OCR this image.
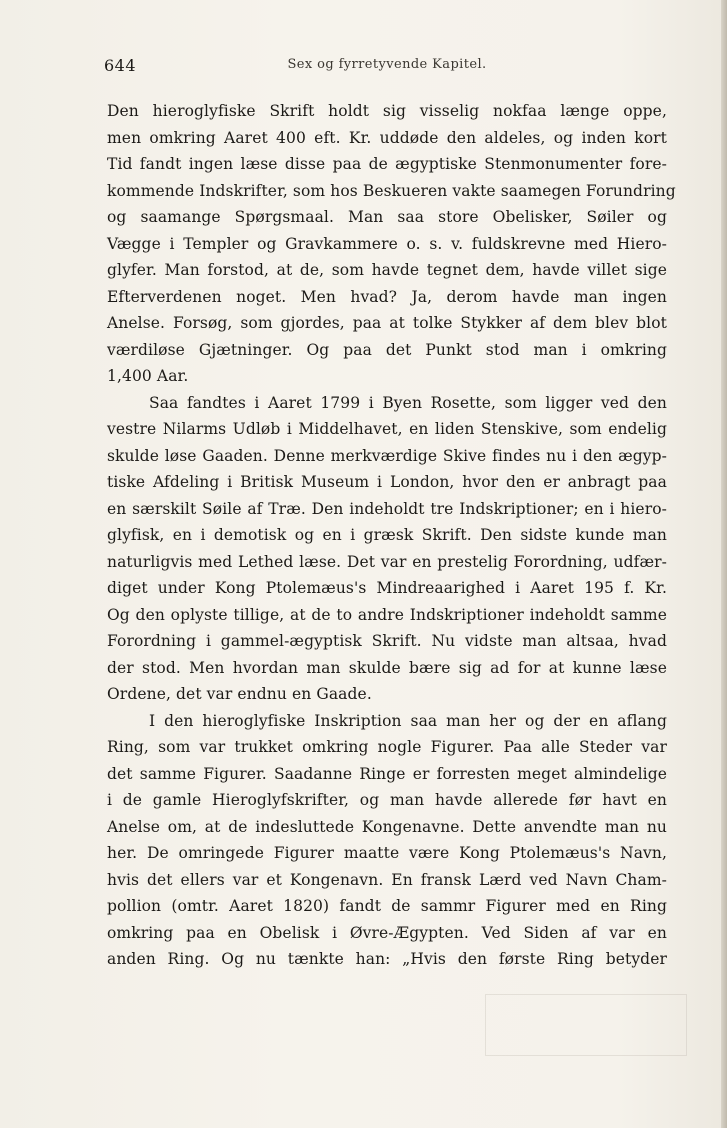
644	Sex og fyrretyvende Kapitel.
Den hieroglyfiske Skrift holdt sig visselig nokfaa længe oppe,
men omkring Aaret 400 eft. Kr. uddøde den aldeles, og inden kort
Tid fandt ingen læse disse paa de ægyptiske Stenmonumenter fore-
kommende Indskrifter, som hos Beskueren vakte saamegen Forundring
og saamange Spørgsmaal. Man saa store Obelisker, Søiler og
Vægge i Templer og Gravkammere o. s. v. fuldskrevne med Hiero-
glyfer. Man forstod, at de, som havde tegnet dem, havde villet sige
Efterverdenen noget. Men hvad? Ja, derom havde man ingen
Anelse. Forsøg, som gjordes, paa at tolke Stykker af dem blev blot
værdiløse Gjætninger. Og paa det Punkt stod man i omkring
1,400 Aar.
Saa fandtes i Aaret 1799 i Byen Rosette, som ligger ved den
vestre Nilarms Udløb i Middelhavet, en liden Stenskive, som endelig
skulde løse Gaaden. Denne merkværdige Skive findes nu i den ægyp-
tiske Afdeling i Britisk Museum i London, hvor den er anbragt paa
en særskilt Søile af Træ. Den indeholdt tre Indskriptioner; en i hiero-
glyfisk, en i demotisk og en i græsk Skrift. Den sidste kunde man
naturligvis med Lethed læse. Det var en prestelig Forordning, udfær-
diget under Kong Ptolemæus's Mindreaarighed i Aaret 195 f. Kr.
Og den oplyste tillige, at de to andre Indskriptioner indeholdt samme
Forordning i gammel-ægyptisk Skrift. Nu vidste man altsaa, hvad
der stod. Men hvordan man skulde bære sig ad for at kunne læse
Ordene, det var endnu en Gaade.
I den hieroglyfiske Inskription saa man her og der en aflang
Ring, som var trukket omkring nogle Figurer. Paa alle Steder var
det samme Figurer. Saadanne Ringe er forresten meget almindelige
i de gamle Hieroglyfskrifter, og man havde allerede før havt en
Anelse om, at de indesluttede Kongenavne. Dette anvendte man nu
her. De omringede Figurer maatte være Kong Ptolemæus's Navn,
hvis det ellers var et Kongenavn. En fransk Lærd ved Navn Cham-
pollion (omtr. Aaret 1820) fandt de sammr Figurer med en Ring
omkring paa en Obelisk i Øvre-Ægypten. Ved Siden af var en
anden Ring. Og nu tænkte han: „Hvis den første Ring betyder
